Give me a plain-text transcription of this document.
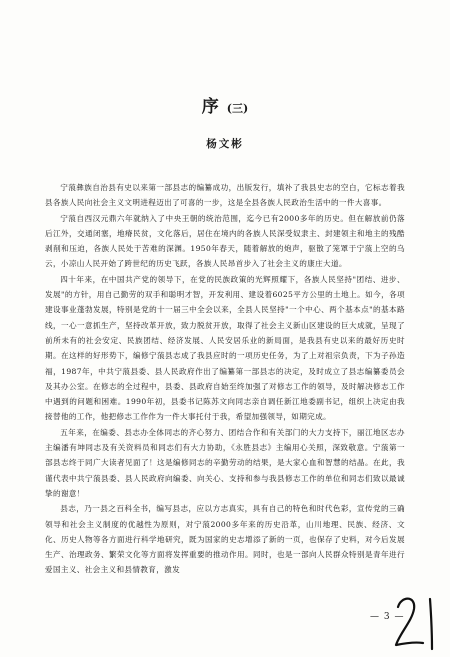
序 (三)
杨文彬

宁蒗彝族自治县有史以来第一部县志的编纂成功，出版发行，填补了我县史志的空白，它标志着我县各族人民向社会主义文明进程迈出了可喜的一步，这是全县各族人民政治生活中的一件大喜事。

宁蒗自西汉元鼎六年就纳入了中央王朝的统治范围，迄今已有2000多年的历史。但在解放前仍落后江外，交通闭塞，地瘠民贫，文化落后，居住在境内的各族人民深受奴隶主、封建领主和地主的残酷剥削和压迫，各族人民处于苦难的深渊。1950年春天，随着解放的炮声，驱散了笼罩于宁蒗上空的乌云，小凉山人民开始了跨世纪的历史飞跃，各族人民昂首步入了社会主义的康庄大道。

四十年来，在中国共产党的领导下，在党的民族政策的光辉照耀下，各族人民坚持"团结、进步、发展"的方针，用自己勤劳的双手和聪明才智，开发利用、建设着6025平方公里的土地上。如今，各项建设事业蓬勃发展，特别是党的十一届三中全会以来，全县人民坚持"一个中心、两个基本点"的基本路线，一心一意抓生产，坚持改革开放，致力脱贫开放，取得了社会主义新山区建设的巨大成就，呈现了前所未有的社会安定、民族团结、经济发展、人民安居乐业的新局面，是我县有史以来的最好历史时期。在这样的好形势下，编修宁蒗县志成了我县应时的一项历史任务，为了上对祖宗负责，下为子孙造福，1987年，中共宁蒗县委、县人民政府作出了编纂第一部县志的决定，及时成立了县志编纂委员会及其办公室。在修志的全过程中，县委、县政府自始至终加强了对修志工作的领导，及时解决修志工作中遇到的问题和困难。1990年初，县委书记陈苏文向同志亲自调任新江地委副书记，组织上决定由我接替他的工作，他把修志工作作为一件大事托付于我，希望加强领导，如期完成。

五年来，在编委、县志办全体同志的齐心努力、团结合作和有关部门的大力支持下，丽江地区志办主编潘有坤同志及有关资料员和同志们有大力协助，《永胜县志》主编用心关照，深致敬意。宁蒗第一部县志终于同广大读者见面了！这是编修同志的辛勤劳动的结果，是大家心血和智慧的结晶。在此，我谨代表中共宁蒗县委、县人民政府向编委、向关心、支持和参与我县修志工作的单位和同志们致以最诚挚的谢意！

县志，乃一县之百科全书，编写县志，应以方志真实，具有自己的特色和时代色彩，宣传党的三确领导和社会主义制度的优越性为原则，对宁蒗2000多年来的历史沿革，山川地理、民族、经济、文化、历史人物等各方面进行科学地研究，既为国家的史志增添了新的一页，也保存了史料，对今后发展生产、治理政务、繁荣文化等方面将发挥重要的推动作用。同时，也是一部向人民群众特别是青年进行爱国主义、社会主义和县情教育，激发

— 3 —
